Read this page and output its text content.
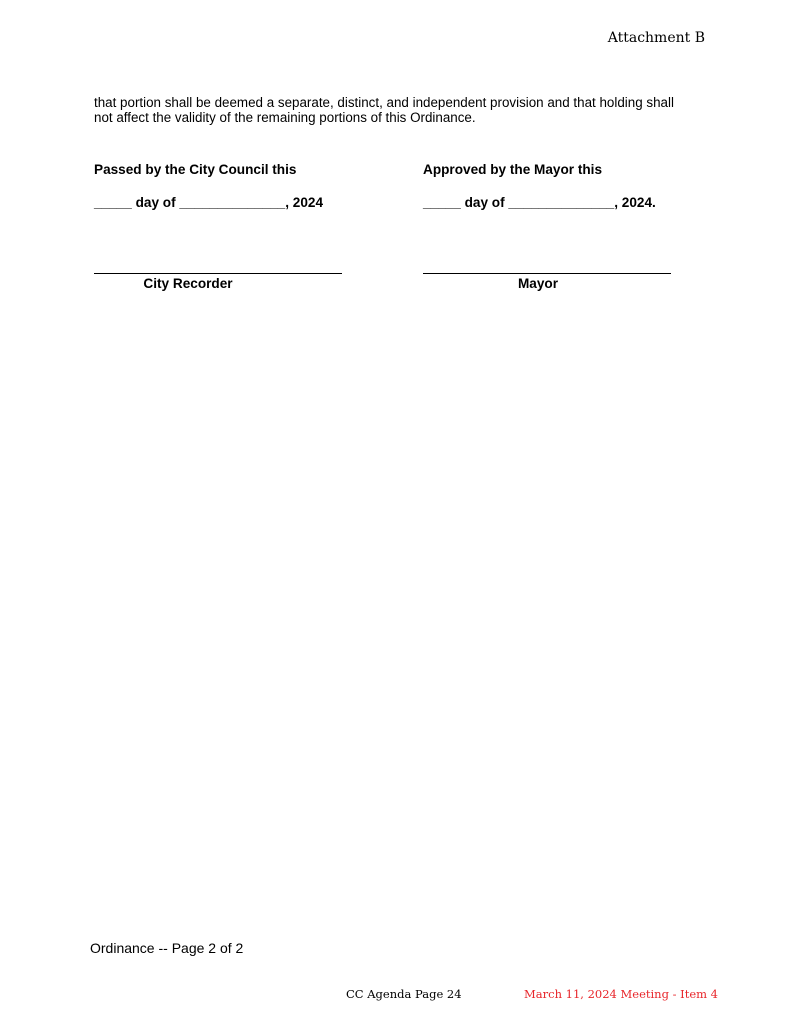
Attachment B
that portion shall be deemed a separate, distinct, and independent provision and that holding shall
not affect the validity of the remaining portions of this Ordinance.
Passed by the City Council this
_____ day of ______________, 2024
City Recorder
Approved by the Mayor this
_____ day of ______________, 2024.
Mayor
Ordinance -- Page 2 of 2
CC Agenda Page 24	March 11, 2024 Meeting - Item 4
